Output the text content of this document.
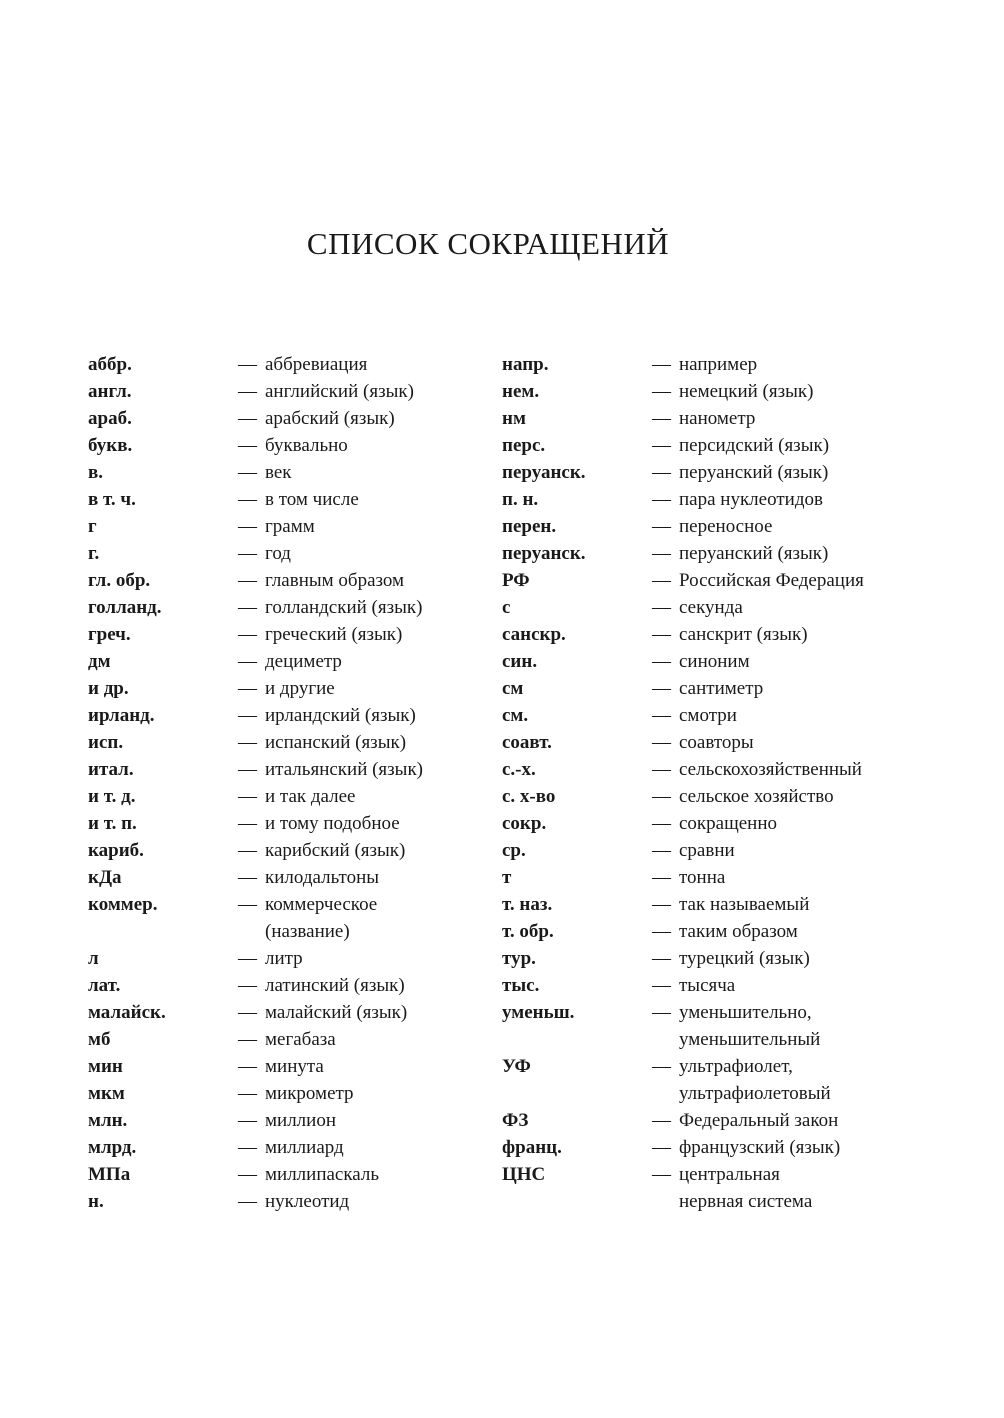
СПИСОК СОКРАЩЕНИЙ
аббр.	— аббревиация
англ.	— английский (язык)
араб.	— арабский (язык)
букв.	— буквально
в.	— век
в т. ч.	— в том числе
г	— грамм
г.	— год
гл. обр.	— главным образом
голланд.	— голландский (язык)
греч.	— греческий (язык)
дм	— дециметр
и др.	— и другие
ирланд.	— ирландский (язык)
исп.	— испанский (язык)
итал.	— итальянский (язык)
и т. д.	— и так далее
и т. п.	— и тому подобное
кариб.	— карибский (язык)
кДа	— килодальтоны
коммер.	— коммерческое
(название)
л	— литр
лат.	— латинский (язык)
малайск.	— малайский (язык)
мб	— мегабаза
мин	— минута
мкм	— микрометр
млн.	— миллион
млрд.	— миллиард
МПа	— миллипаскаль
н.	— нуклеотид
напр.	— например
нем.	— немецкий (язык)
нм	— нанометр
перс.	— персидский (язык)
перуанск.	— перуанский (язык)
п. н.	— пара нуклеотидов
перен.	— переносное
перуанск.	— перуанский (язык)
РФ	— Российская Федерация
с	— секунда
санскр.	— санскрит (язык)
син.	— синоним
см	— сантиметр
см.	— смотри
соавт.	— соавторы
с.-х.	— сельскохозяйственный
с. х-во	— сельское хозяйство
сокр.	— сокращенно
ср.	— сравни
т	— тонна
т. наз.	— так называемый
т. обр.	— таким образом
тур.	— турецкий (язык)
тыс.	— тысяча
уменьш.	— уменьшительно,
уменьшительный
УФ	— ультрафиолет,
ультрафиолетовый
ФЗ	— Федеральный закон
франц.	— французский (язык)
ЦНС	— центральная
нервная система
